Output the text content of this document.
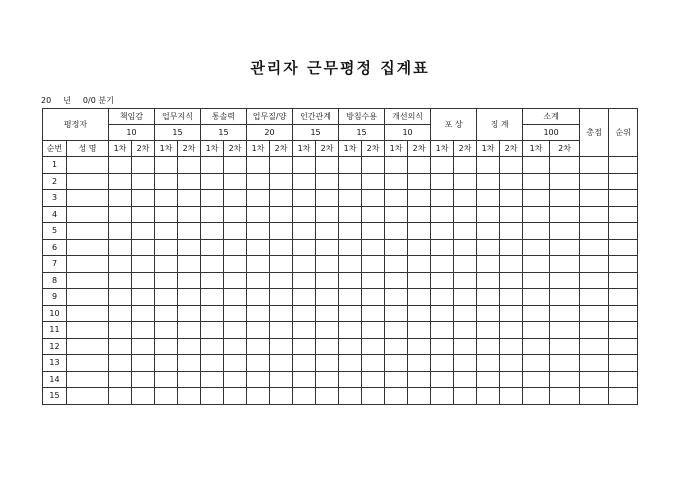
관리자 근무평정 집계표
20 년 0/0 분기
평정자		책임감		업무지식		통솔력		업무질/양		인간관계		방침수용		개선의식		포 상		징 계		소계		총점	순위
		10		15		15		20		15		15		10						100			
순번	성 명	1차	2차	1차	2차	1차	2차	1차	2차	1차	2차	1차	2차	1차	2차	1차	2차	1차	2차	1차	2차		
1																							
2																							
3																							
4																							
5																							
6																							
7																							
8																							
9																							
10																							
11																							
12																							
13																							
14																							
15																							
